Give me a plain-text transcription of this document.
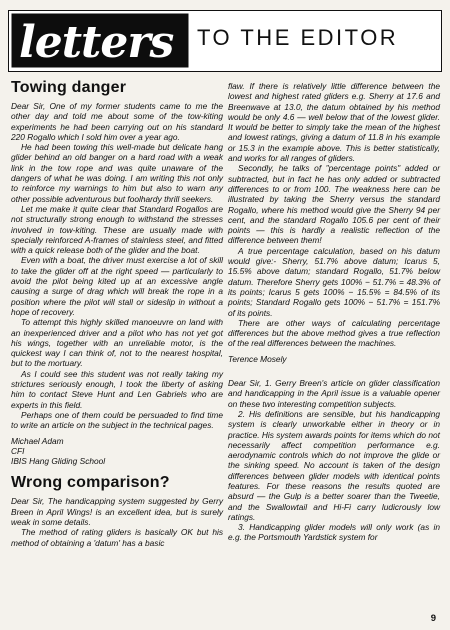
letters TO THE EDITOR
Towing danger

Dear Sir, One of my former students came to me the other day and told me about some of the tow-kiting experiments he had been carrying out on his standard 220 Rogallo which I sold him over a year ago.

He had been towing this well-made but delicate hang glider behind an old banger on a hard road with a weak link in the tow rope and was quite unaware of the dangers of what he was doing. I am writing this not only to reinforce my warnings to him but also to warn any other possible adventurous but foolhardy thrill seekers.

Let me make it quite clear that Standard Rogallos are not structurally strong enough to withstand the stresses involved in tow-kiting. These are usually made with specially reinforced A-frames of stainless steel, and fitted with a quick release both of the glider and the boat.

Even with a boat, the driver must exercise a lot of skill to take the glider off at the right speed — particularly to avoid the pilot being kited up at an excessive angle causing a surge of drag which will break the rope in a position where the pilot will stall or sideslip in without a hope of recovery.

To attempt this highly skilled manoeuvre on land with an inexperienced driver and a pilot who has not yet got his wings, together with an unreliable motor, is the quickest way I can think of, not to the nearest hospital, but to the mortuary.

As I could see this student was not really taking my strictures seriously enough, I took the liberty of asking him to contact Steve Hunt and Len Gabriels who are experts in this field.

Perhaps one of them could be persuaded to find time to write an article on the subject in the technical pages.

Michael Adam

CFI

IBIS Hang Gliding School

Wrong comparison?

Dear Sir, The handicapping system suggested by Gerry Breen in April Wings! is an excellent idea, but is surely weak in some details.

The method of rating gliders is basically OK but his method of obtaining a 'datum' has a basic

flaw. If there is relatively little difference between the lowest and highest rated gliders e.g. Sherry at 17.6 and Breenwave at 13.0, the datum obtained by his method would be only 4.6 — well below that of the lowest glider. It would be better to simply take the mean of the highest and lowest ratings, giving a datum of 11.8 in his example or 15.3 in the example above. This is better statistically, and works for all ranges of gliders.

Secondly, he talks of "percentage points" added or subtracted, but in fact he has only added or subtracted differences to or from 100. The weakness here can be illustrated by taking the Sherry versus the standard Rogallo, where his method would give the Sherry 94 per cent, and the standard Rogallo 105.6 per cent of their points — this is hardly a realistic reflection of the difference between them!

A true percentage calculation, based on his datum would give:- Sherry, 51.7% above datum; Icarus 5, 15.5% above datum; standard Rogallo, 51.7% below datum. Therefore Sherry gets 100% − 51.7% = 48.3% of its points; Icarus 5 gets 100% − 15.5% = 84.5% of its points; Standard Rogallo gets 100% − 51.7% = 151.7% of its points.

There are other ways of calculating percentage differences but the above method gives a true reflection of the real differences between the machines.

Terence Mosely

Dear Sir, 1. Gerry Breen's article on glider classification and handicapping in the April issue is a valuable opener on these two interesting competition subjects.

2. His definitions are sensible, but his handicapping system is clearly unworkable either in theory or in practice. His system awards points for items which do not necessarily affect competition performance e.g. aerodynamic controls which do not improve the glide or the sinking speed. No account is taken of the design differences between glider models with identical points features. For these reasons the results quoted are absurd — the Gulp is a better soarer than the Tweetie, and the Swallowtail and Hi-Fi carry ludicrously low ratings.

3. Handicapping glider models will only work (as in e.g. the Portsmouth Yardstick system for

9
